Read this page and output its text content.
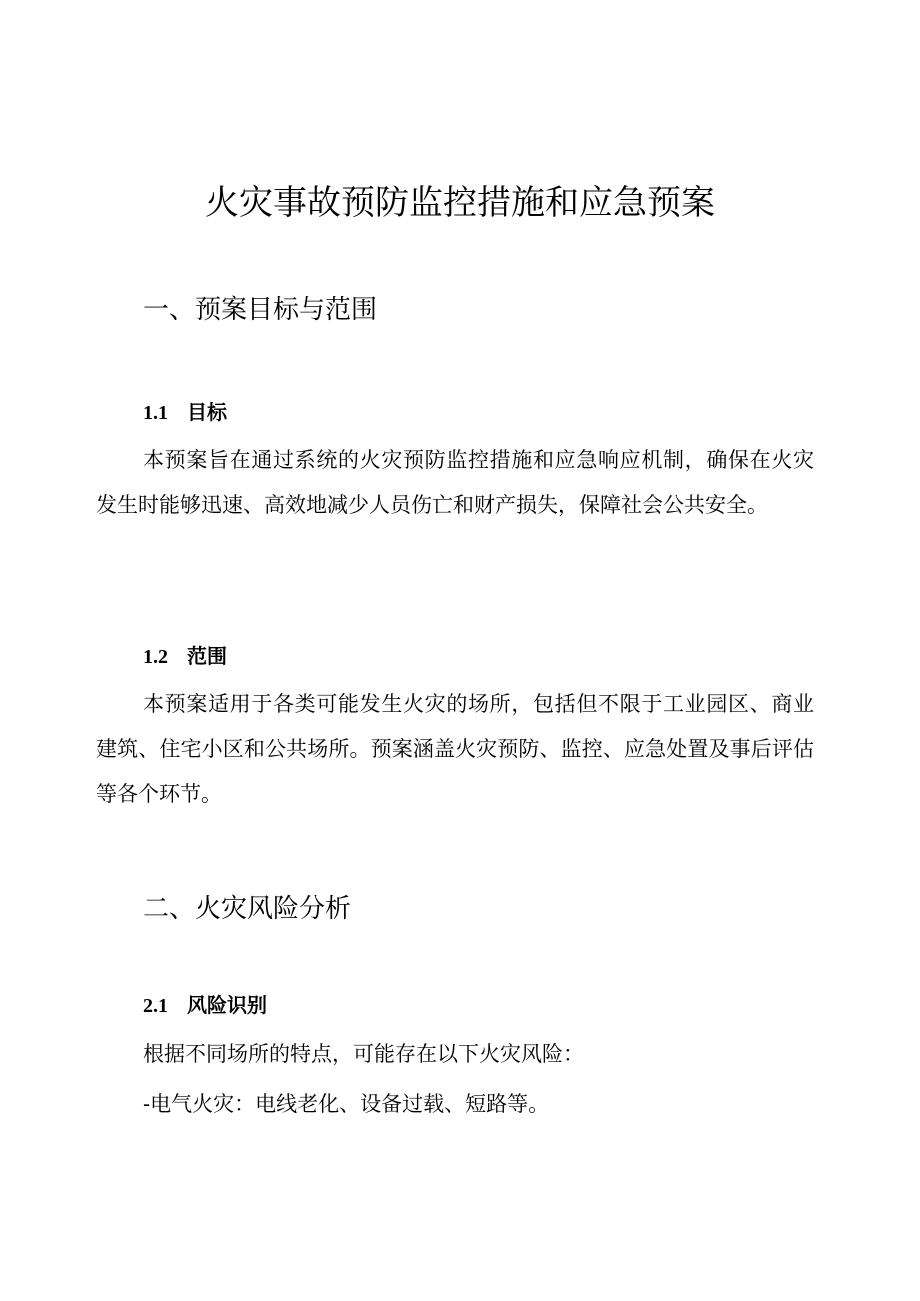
火灾事故预防监控措施和应急预案
一、预案目标与范围
1.1 目标

本预案旨在通过系统的火灾预防监控措施和应急响应机制，确保在火灾发生时能够迅速、高效地减少人员伤亡和财产损失，保障社会公共安全。

1.2 范围

本预案适用于各类可能发生火灾的场所，包括但不限于工业园区、商业建筑、住宅小区和公共场所。预案涵盖火灾预防、监控、应急处置及事后评估等各个环节。

二、火灾风险分析
2.1 风险识别

根据不同场所的特点，可能存在以下火灾风险：

-电气火灾：电线老化、设备过载、短路等。
